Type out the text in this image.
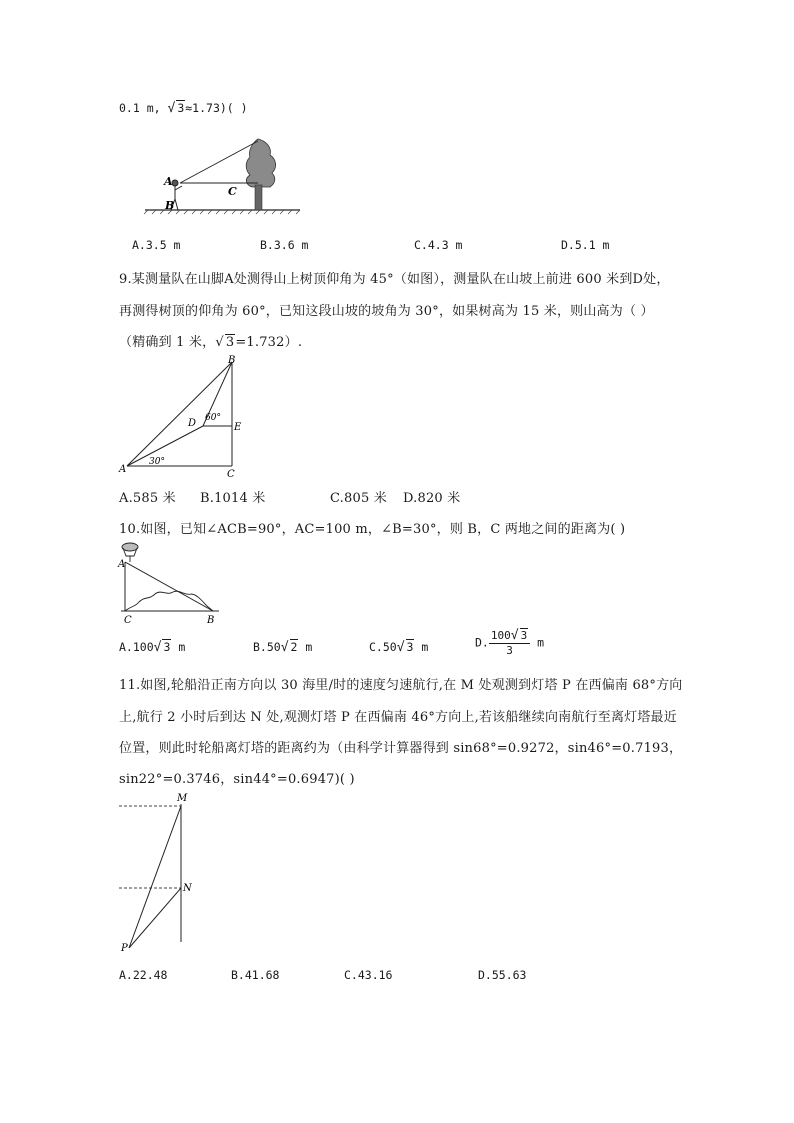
0.1 m, √ 3≈1.73)( )
A
B
C
A.3.5 m	B.3.6 m	C.4.3 m	D.5.1 m
9.某测量队在山脚A处测得山上树顶仰角为 45°（如图），测量队在山坡上前进 600 米到D处，
再测得树顶的仰角为 60°，已知这段山坡的坡角为 30°，如果树高为 15 米，则山高为（ ）
（精确到 1 米，√ 3=1.732）.
A
B
C
D	E
60°
30°
A.585 米 B.1014 米	C.805 米 D.820 米
10.如图，已知∠ACB=90°，AC=100 m，∠B=30°，则 B，C 两地之间的距离为( )
A
C	B
A.100√ 3 m	B.50√ 2 m	C.50√ 3 m	D. $\frac{100√ 3}{3}$ m
11.如图,轮船沿正南方向以 30 海里/时的速度匀速航行,在 M 处观测到灯塔 P 在西偏南 68°方向
上,航行 2 小时后到达 N 处,观测灯塔 P 在西偏南 46°方向上,若该船继续向南航行至离灯塔最近
位置，则此时轮船离灯塔的距离约为（由科学计算器得到 sin68°=0.9272，sin46°=0.7193，
sin22°=0.3746，sin44°=0.6947)( )
M
N
P
A.22.48	B.41.68	C.43.16	D.55.63
